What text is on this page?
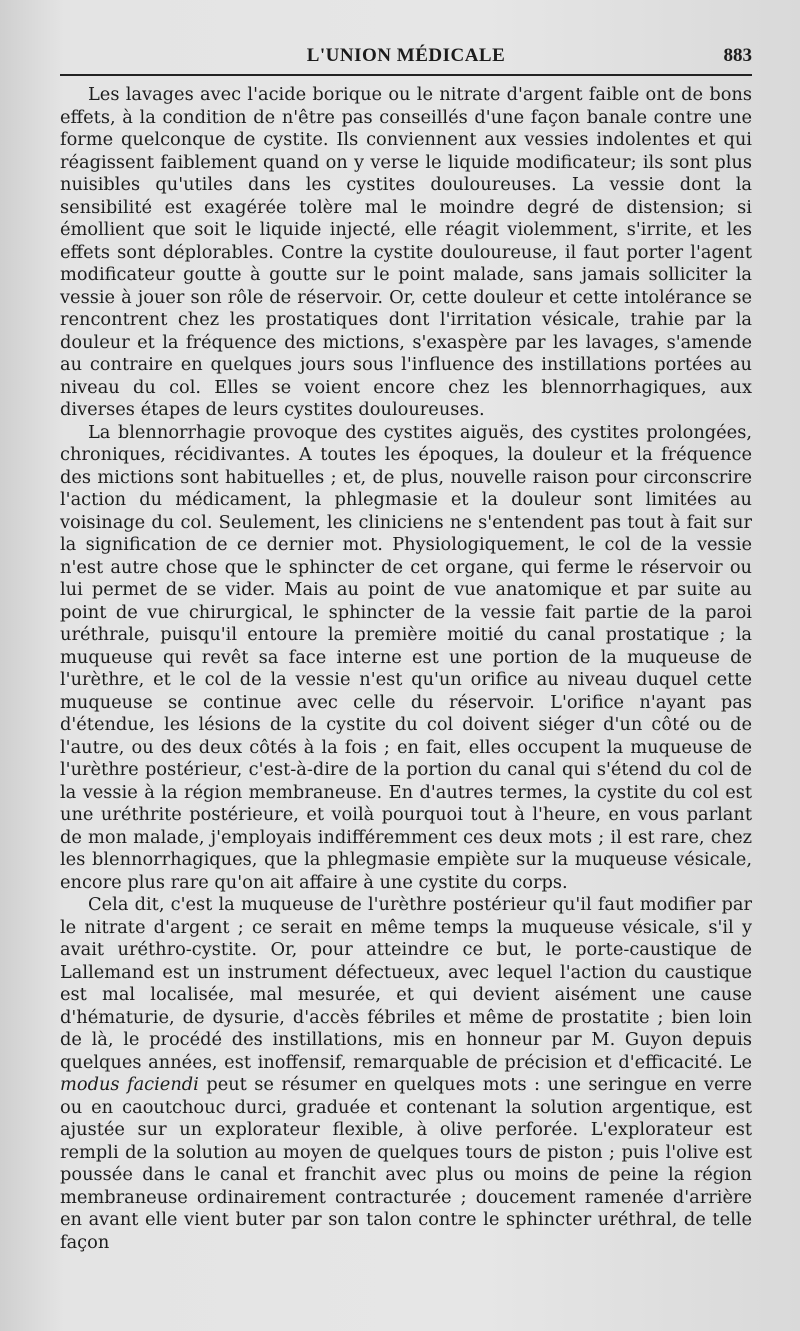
L'UNION MÉDICALE	883

Les lavages avec l'acide borique ou le nitrate d'argent faible ont de bons effets, à la condition de n'être pas conseillés d'une façon banale contre une forme quelconque de cystite. Ils conviennent aux vessies indolentes et qui réagissent faiblement quand on y verse le liquide modificateur; ils sont plus nuisibles qu'utiles dans les cystites douloureuses. La vessie dont la sensibilité est exagérée tolère mal le moindre degré de distension; si émollient que soit le liquide injecté, elle réagit violemment, s'irrite, et les effets sont déplorables. Contre la cystite douloureuse, il faut porter l'agent modificateur goutte à goutte sur le point malade, sans jamais solliciter la vessie à jouer son rôle de réservoir. Or, cette douleur et cette intolérance se rencontrent chez les prostatiques dont l'irritation vésicale, trahie par la douleur et la fréquence des mictions, s'exaspère par les lavages, s'amende au contraire en quelques jours sous l'influence des instillations portées au niveau du col. Elles se voient encore chez les blennorrhagiques, aux diverses étapes de leurs cystites douloureuses.

La blennorrhagie provoque des cystites aiguës, des cystites prolongées, chroniques, récidivantes. A toutes les époques, la douleur et la fréquence des mictions sont habituelles ; et, de plus, nouvelle raison pour circonscrire l'action du médicament, la phlegmasie et la douleur sont limitées au voisinage du col. Seulement, les cliniciens ne s'entendent pas tout à fait sur la signification de ce dernier mot. Physiologiquement, le col de la vessie n'est autre chose que le sphincter de cet organe, qui ferme le réservoir ou lui permet de se vider. Mais au point de vue anatomique et par suite au point de vue chirurgical, le sphincter de la vessie fait partie de la paroi uréthrale, puisqu'il entoure la première moitié du canal prostatique ; la muqueuse qui revêt sa face interne est une portion de la muqueuse de l'urèthre, et le col de la vessie n'est qu'un orifice au niveau duquel cette muqueuse se continue avec celle du réservoir. L'orifice n'ayant pas d'étendue, les lésions de la cystite du col doivent siéger d'un côté ou de l'autre, ou des deux côtés à la fois ; en fait, elles occupent la muqueuse de l'urèthre postérieur, c'est-à-dire de la portion du canal qui s'étend du col de la vessie à la région membraneuse. En d'autres termes, la cystite du col est une uréthrite postérieure, et voilà pourquoi tout à l'heure, en vous parlant de mon malade, j'employais indifféremment ces deux mots ; il est rare, chez les blennorrhagiques, que la phlegmasie empiète sur la muqueuse vésicale, encore plus rare qu'on ait affaire à une cystite du corps.

Cela dit, c'est la muqueuse de l'urèthre postérieur qu'il faut modifier par le nitrate d'argent ; ce serait en même temps la muqueuse vésicale, s'il y avait uréthro-cystite. Or, pour atteindre ce but, le porte-caustique de Lallemand est un instrument défectueux, avec lequel l'action du caustique est mal localisée, mal mesurée, et qui devient aisément une cause d'hématurie, de dysurie, d'accès fébriles et même de prostatite ; bien loin de là, le procédé des instillations, mis en honneur par M. Guyon depuis quelques années, est inoffensif, remarquable de précision et d'efficacité. Le modus faciendi peut se résumer en quelques mots : une seringue en verre ou en caoutchouc durci, graduée et contenant la solution argentique, est ajustée sur un explorateur flexible, à olive perforée. L'explorateur est rempli de la solution au moyen de quelques tours de piston ; puis l'olive est poussée dans le canal et franchit avec plus ou moins de peine la région membraneuse ordinairement contracturée ; doucement ramenée d'arrière en avant elle vient buter par son talon contre le sphincter uréthral, de telle façon
